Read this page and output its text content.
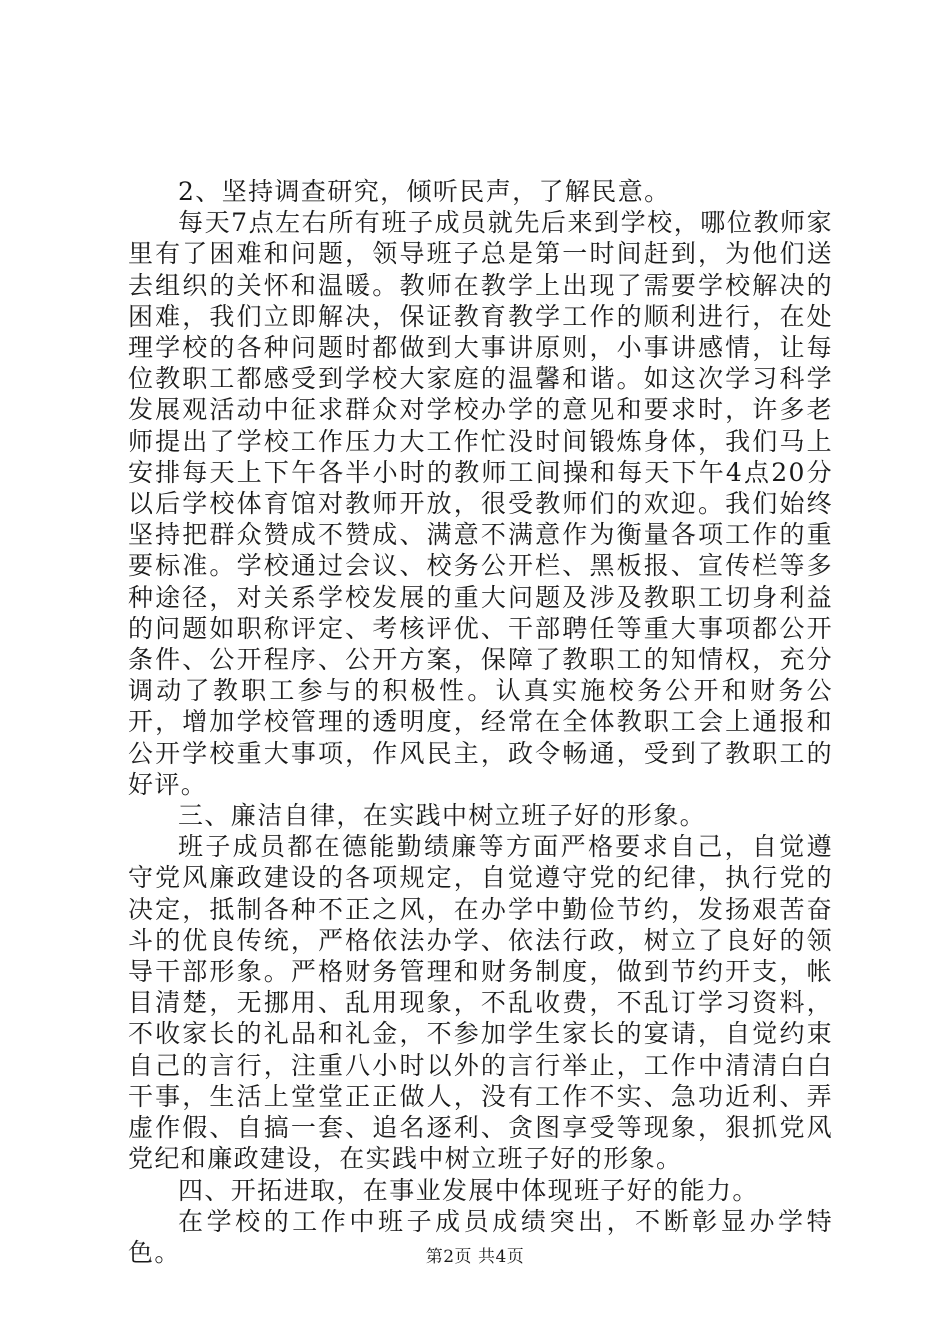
2、坚持调查研究，倾听民声，了解民意。

每天7点左右所有班子成员就先后来到学校，哪位教师家里有了困难和问题，领导班子总是第一时间赶到，为他们送去组织的关怀和温暖。教师在教学上出现了需要学校解决的困难，我们立即解决，保证教育教学工作的顺利进行，在处理学校的各种问题时都做到大事讲原则，小事讲感情，让每位教职工都感受到学校大家庭的温馨和谐。如这次学习科学发展观活动中征求群众对学校办学的意见和要求时，许多老师提出了学校工作压力大工作忙没时间锻炼身体，我们马上安排每天上下午各半小时的教师工间操和每天下午4点20分以后学校体育馆对教师开放，很受教师们的欢迎。我们始终坚持把群众赞成不赞成、满意不满意作为衡量各项工作的重要标准。学校通过会议、校务公开栏、黑板报、宣传栏等多种途径，对关系学校发展的重大问题及涉及教职工切身利益的问题如职称评定、考核评优、干部聘任等重大事项都公开条件、公开程序、公开方案，保障了教职工的知情权，充分调动了教职工参与的积极性。认真实施校务公开和财务公开，增加学校管理的透明度，经常在全体教职工会上通报和公开学校重大事项，作风民主，政令畅通，受到了教职工的好评。

三、廉洁自律，在实践中树立班子好的形象。

班子成员都在德能勤绩廉等方面严格要求自己，自觉遵守党风廉政建设的各项规定，自觉遵守党的纪律，执行党的决定，抵制各种不正之风，在办学中勤俭节约，发扬艰苦奋斗的优良传统，严格依法办学、依法行政，树立了良好的领导干部形象。严格财务管理和财务制度，做到节约开支，帐目清楚，无挪用、乱用现象，不乱收费，不乱订学习资料，不收家长的礼品和礼金，不参加学生家长的宴请，自觉约束自己的言行，注重八小时以外的言行举止，工作中清清白白干事，生活上堂堂正正做人，没有工作不实、急功近利、弄虚作假、自搞一套、追名逐利、贪图享受等现象，狠抓党风党纪和廉政建设，在实践中树立班子好的形象。

四、开拓进取，在事业发展中体现班子好的能力。

在学校的工作中班子成员成绩突出，不断彰显办学特色。	第2页 共4页
